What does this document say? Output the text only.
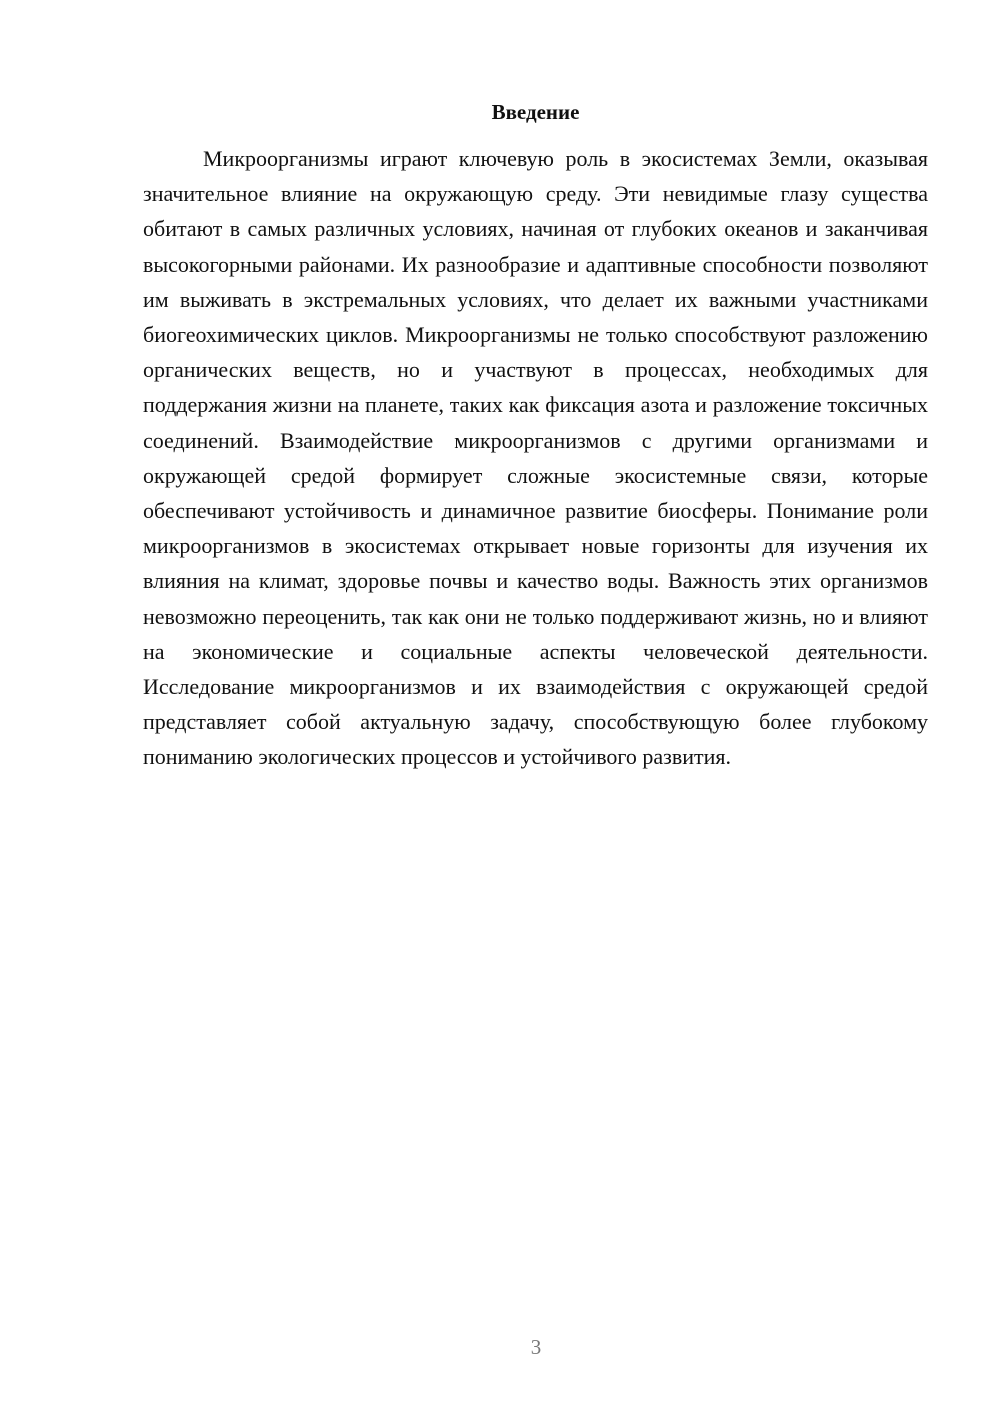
Введение

Микроорганизмы играют ключевую роль в экосистемах Земли, оказывая значительное влияние на окружающую среду. Эти невидимые глазу существа обитают в самых различных условиях, начиная от глубоких океанов и заканчивая высокогорными районами. Их разнообразие и адаптивные способности позволяют им выживать в экстремальных условиях, что делает их важными участниками биогеохимических циклов. Микроорганизмы не только способствуют разложению органических веществ, но и участвуют в процессах, необходимых для поддержания жизни на планете, таких как фиксация азота и разложение токсичных соединений. Взаимодействие микроорганизмов с другими организмами и окружающей средой формирует сложные экосистемные связи, которые обеспечивают устойчивость и динамичное развитие биосферы. Понимание роли микроорганизмов в экосистемах открывает новые горизонты для изучения их влияния на климат, здоровье почвы и качество воды. Важность этих организмов невозможно переоценить, так как они не только поддерживают жизнь, но и влияют на экономические и социальные аспекты человеческой деятельности. Исследование микроорганизмов и их взаимодействия с окружающей средой представляет собой актуальную задачу, способствующую более глубокому пониманию экологических процессов и устойчивого развития.

3
